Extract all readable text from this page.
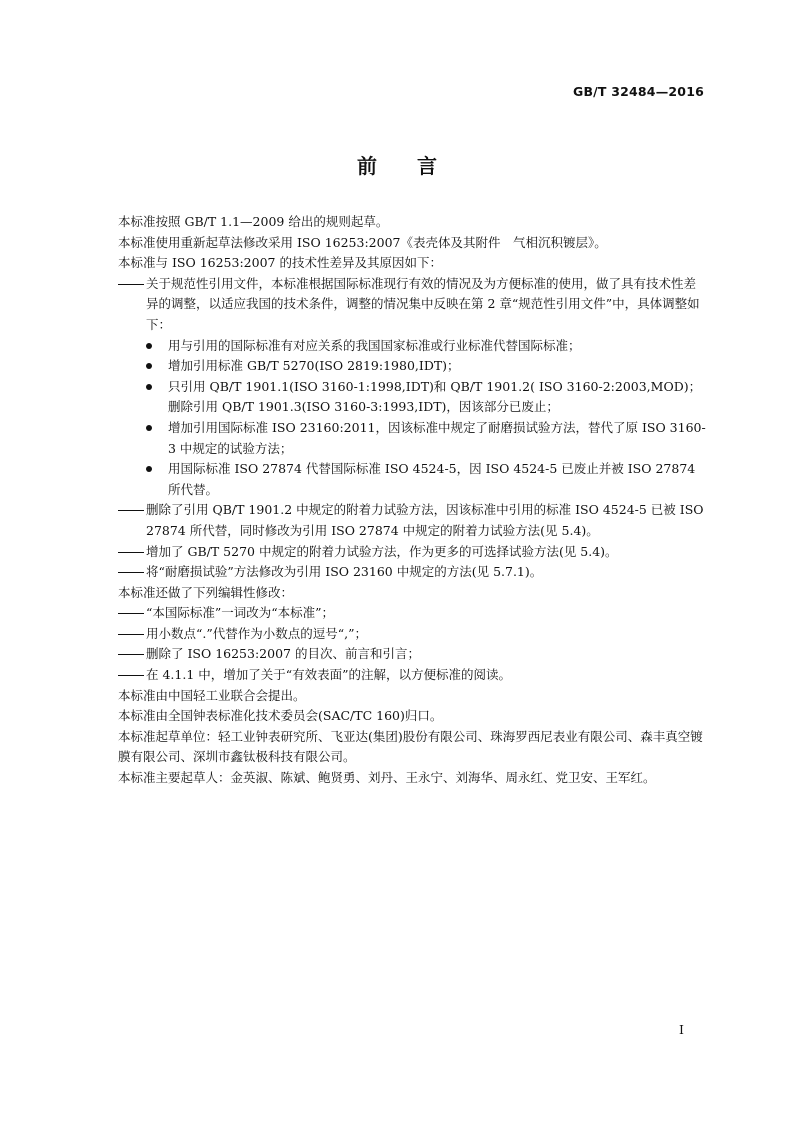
GB/T 32484—2016
前 言

本标准按照 GB/T 1.1—2009 给出的规则起草。

本标准使用重新起草法修改采用 ISO 16253:2007《表壳体及其附件　气相沉积镀层》。

本标准与 ISO 16253:2007 的技术性差异及其原因如下：

关于规范性引用文件，本标准根据国际标准现行有效的情况及为方便标准的使用，做了具有技术性差异的调整，以适应我国的技术条件，调整的情况集中反映在第 2 章“规范性引用文件”中，具体调整如下：

用与引用的国际标准有对应关系的我国国家标准或行业标准代替国际标准；

增加引用标准 GB/T 5270(ISO 2819:1980,IDT)；

只引用 QB/T 1901.1(ISO 3160-1:1998,IDT)和 QB/T 1901.2( ISO 3160-2:2003,MOD)；删除引用 QB/T 1901.3(ISO 3160-3:1993,IDT)，因该部分已废止；

增加引用国际标准 ISO 23160:2011，因该标准中规定了耐磨损试验方法，替代了原 ISO 3160-3 中规定的试验方法；

用国际标准 ISO 27874 代替国际标准 ISO 4524-5，因 ISO 4524-5 已废止并被 ISO 27874 所代替。

删除了引用 QB/T 1901.2 中规定的附着力试验方法，因该标准中引用的标准 ISO 4524-5 已被 ISO 27874 所代替，同时修改为引用 ISO 27874 中规定的附着力试验方法(见 5.4)。

增加了 GB/T 5270 中规定的附着力试验方法，作为更多的可选择试验方法(见 5.4)。

将“耐磨损试验”方法修改为引用 ISO 23160 中规定的方法(见 5.7.1)。

本标准还做了下列编辑性修改：

“本国际标准”一词改为“本标准”；

用小数点“.”代替作为小数点的逗号“,”；

删除了 ISO 16253:2007 的目次、前言和引言；

在 4.1.1 中，增加了关于“有效表面”的注解，以方便标准的阅读。

本标准由中国轻工业联合会提出。

本标准由全国钟表标准化技术委员会(SAC/TC 160)归口。

本标准起草单位：轻工业钟表研究所、飞亚达(集团)股份有限公司、珠海罗西尼表业有限公司、森丰真空镀膜有限公司、深圳市鑫钛极科技有限公司。

本标准主要起草人：金英淑、陈斌、鲍贤勇、刘丹、王永宁、刘海华、周永红、党卫安、王军红。

I
